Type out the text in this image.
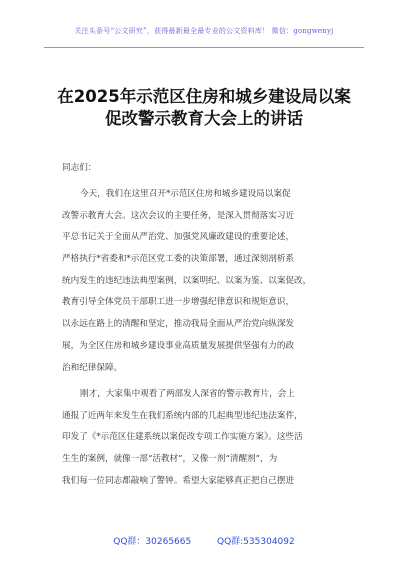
关注头条号“公文研究”，获得最新最全最专业的公文资料库！ 微信：gongwenyj
在2025年示范区住房和城乡建设局以案
促改警示教育大会上的讲话
同志们：
今天，我们在这里召开*示范区住房和城乡建设局以案促
改警示教育大会。这次会议的主要任务，是深入贯彻落实习近
平总书记关于全面从严治党、加强党风廉政建设的重要论述，
严格执行*省委和*示范区党工委的决策部署，通过深刻剖析系
统内发生的违纪违法典型案例，以案明纪、以案为鉴、以案促改，
教育引导全体党员干部职工进一步增强纪律意识和规矩意识，
以永远在路上的清醒和坚定，推动我局全面从严治党向纵深发
展，为全区住房和城乡建设事业高质量发展提供坚强有力的政
治和纪律保障。
刚才，大家集中观看了两部发人深省的警示教育片，会上
通报了近两年来发生在我们系统内部的几起典型违纪违法案件，
印发了《*示范区住建系统以案促改专项工作实施方案》。这些活
生生的案例，就像一部“活教材”，又像一剂“清醒剂”，为
我们每一位同志都敲响了警钟。希望大家能够真正把自己摆进
QQ群：30265665	QQ群:535304092
